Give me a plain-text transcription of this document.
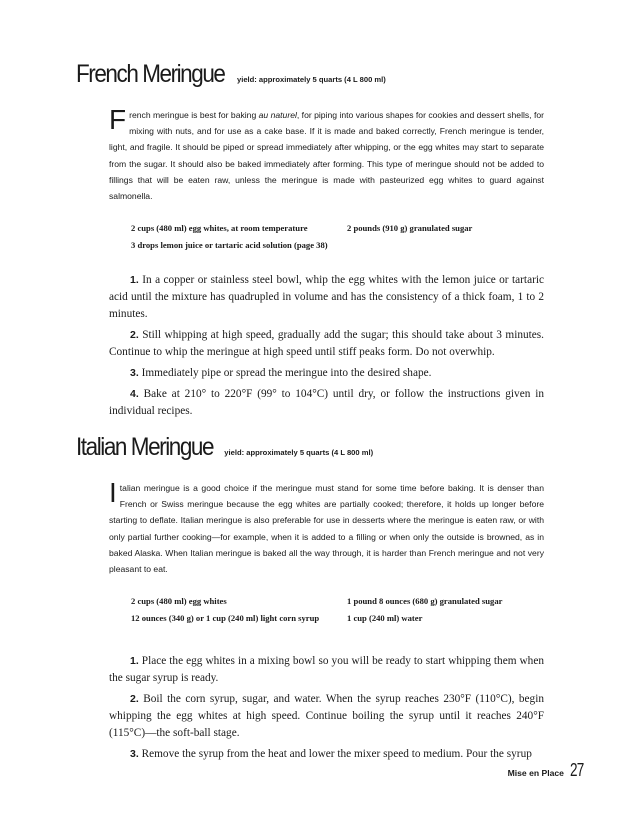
French Meringue yield: approximately 5 quarts (4 L 800 ml)

French meringue is best for baking au naturel, for piping into various shapes for cookies and dessert shells, for mixing with nuts, and for use as a cake base. If it is made and baked correctly, French meringue is tender, light, and fragile. It should be piped or spread immediately after whipping, or the egg whites may start to separate from the sugar. It should also be baked immediately after forming. This type of meringue should not be added to fillings that will be eaten raw, unless the meringue is made with pasteurized egg whites to guard against salmonella.

2 cups (480 ml) egg whites, at room temperature	2 pounds (910 g) granulated sugar
3 drops lemon juice or tartaric acid solution (page 38)

1. In a copper or stainless steel bowl, whip the egg whites with the lemon juice or tartaric acid until the mixture has quadrupled in volume and has the consistency of a thick foam, 1 to 2 minutes.

2. Still whipping at high speed, gradually add the sugar; this should take about 3 minutes. Continue to whip the meringue at high speed until stiff peaks form. Do not overwhip.

3. Immediately pipe or spread the meringue into the desired shape.

4. Bake at 210° to 220°F (99° to 104°C) until dry, or follow the instructions given in individual recipes.

Italian Meringue yield: approximately 5 quarts (4 L 800 ml)

Italian meringue is a good choice if the meringue must stand for some time before baking. It is denser than French or Swiss meringue because the egg whites are partially cooked; therefore, it holds up longer before starting to deflate. Italian meringue is also preferable for use in desserts where the meringue is eaten raw, or with only partial further cooking—for example, when it is added to a filling or when only the outside is browned, as in baked Alaska. When Italian meringue is baked all the way through, it is harder than French meringue and not very pleasant to eat.

2 cups (480 ml) egg whites	1 pound 8 ounces (680 g) granulated sugar
12 ounces (340 g) or 1 cup (240 ml) light corn syrup	1 cup (240 ml) water

1. Place the egg whites in a mixing bowl so you will be ready to start whipping them when the sugar syrup is ready.

2. Boil the corn syrup, sugar, and water. When the syrup reaches 230°F (110°C), begin whipping the egg whites at high speed. Continue boiling the syrup until it reaches 240°F (115°C)—the soft-ball stage.

3. Remove the syrup from the heat and lower the mixer speed to medium. Pour the syrup

Mise en Place 27
